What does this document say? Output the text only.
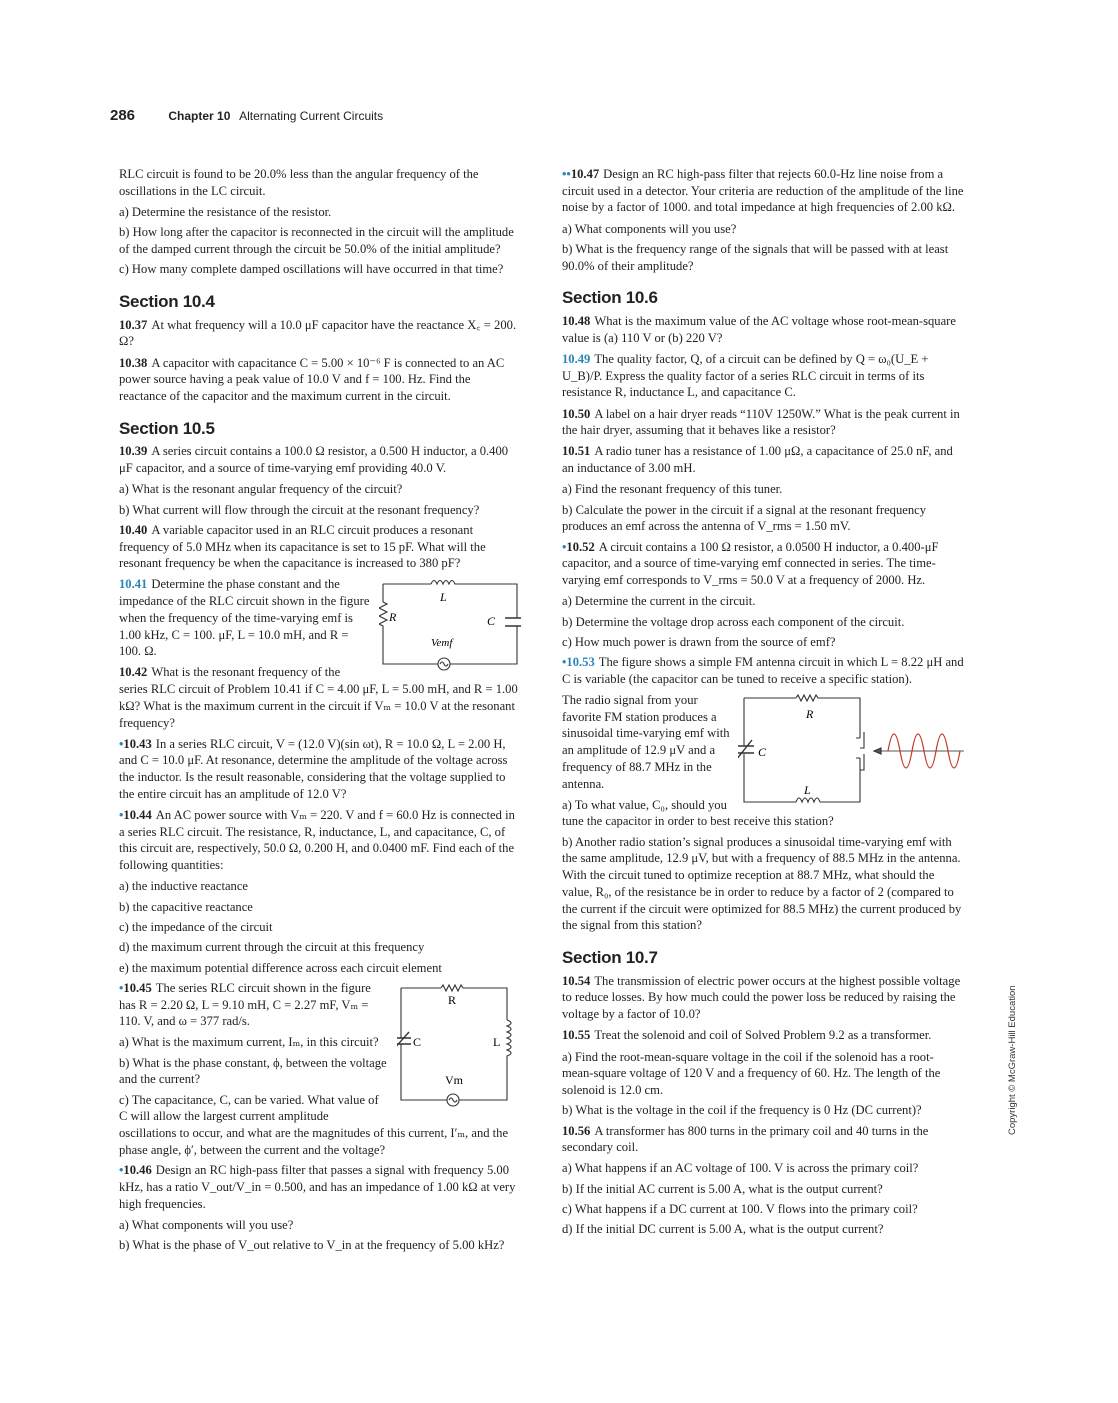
286	Chapter 10 Alternating Current Circuits
RLC circuit is found to be 20.0% less than the angular frequency of the oscillations in the LC circuit.
a) Determine the resistance of the resistor.
b) How long after the capacitor is reconnected in the circuit will the amplitude of the damped current through the circuit be 50.0% of the initial amplitude?
c) How many complete damped oscillations will have occurred in that time?
Section 10.4
10.37 At what frequency will a 10.0 μF capacitor have the reactance X꜀ = 200. Ω?
10.38 A capacitor with capacitance C = 5.00 × 10⁻⁶ F is connected to an AC power source having a peak value of 10.0 V and f = 100. Hz. Find the reactance of the capacitor and the maximum current in the circuit.
Section 10.5
10.39 A series circuit contains a 100.0 Ω resistor, a 0.500 H inductor, a 0.400 μF capacitor, and a source of time-varying emf providing 40.0 V.
a) What is the resonant angular frequency of the circuit?
b) What current will flow through the circuit at the resonant frequency?
10.40 A variable capacitor used in an RLC circuit produces a resonant frequency of 5.0 MHz when its capacitance is set to 15 pF. What will the resonant frequency be when the capacitance is increased to 380 pF?
L
R	C
Vemf
10.41 Determine the phase constant and the impedance of the RLC circuit shown in the figure when the frequency of the time-varying emf is 1.00 kHz, C = 100. μF, L = 10.0 mH, and R = 100. Ω.
10.42 What is the resonant frequency of the series RLC circuit of Problem 10.41 if C = 4.00 μF, L = 5.00 mH, and R = 1.00 kΩ? What is the maximum current in the circuit if Vₘ = 10.0 V at the resonant frequency?
•10.43 In a series RLC circuit, V = (12.0 V)(sin ωt), R = 10.0 Ω, L = 2.00 H, and C = 10.0 μF. At resonance, determine the amplitude of the voltage across the inductor. Is the result reasonable, considering that the voltage supplied to the entire circuit has an amplitude of 12.0 V?
•10.44 An AC power source with Vₘ = 220. V and f = 60.0 Hz is connected in a series RLC circuit. The resistance, R, inductance, L, and capacitance, C, of this circuit are, respectively, 50.0 Ω, 0.200 H, and 0.0400 mF. Find each of the following quantities:
a) the inductive reactance
b) the capacitive reactance
c) the impedance of the circuit
d) the maximum current through the circuit at this frequency
e) the maximum potential difference across each circuit element
R
C	L
Vm
•10.45 The series RLC circuit shown in the figure has R = 2.20 Ω, L = 9.10 mH, C = 2.27 mF, Vₘ = 110. V, and ω = 377 rad/s.
a) What is the maximum current, Iₘ, in this circuit?
b) What is the phase constant, ϕ, between the voltage and the current?
c) The capacitance, C, can be varied. What value of C will allow the largest current amplitude oscillations to occur, and what are the magnitudes of this current, I′ₘ, and the phase angle, ϕ′, between the current and the voltage?
•10.46 Design an RC high-pass filter that passes a signal with frequency 5.00 kHz, has a ratio V_out/V_in = 0.500, and has an impedance of 1.00 kΩ at very high frequencies.
a) What components will you use?
b) What is the phase of V_out relative to V_in at the frequency of 5.00 kHz?
••10.47 Design an RC high-pass filter that rejects 60.0-Hz line noise from a circuit used in a detector. Your criteria are reduction of the amplitude of the line noise by a factor of 1000. and total impedance at high frequencies of 2.00 kΩ.
a) What components will you use?
b) What is the frequency range of the signals that will be passed with at least 90.0% of their amplitude?
Section 10.6
10.48 What is the maximum value of the AC voltage whose root-mean-square value is (a) 110 V or (b) 220 V?
10.49 The quality factor, Q, of a circuit can be defined by Q = ω₀(U_E + U_B)/P. Express the quality factor of a series RLC circuit in terms of its resistance R, inductance L, and capacitance C.
10.50 A label on a hair dryer reads “110V 1250W.” What is the peak current in the hair dryer, assuming that it behaves like a resistor?
10.51 A radio tuner has a resistance of 1.00 μΩ, a capacitance of 25.0 nF, and an inductance of 3.00 mH.
a) Find the resonant frequency of this tuner.
b) Calculate the power in the circuit if a signal at the resonant frequency produces an emf across the antenna of V_rms = 1.50 mV.
•10.52 A circuit contains a 100 Ω resistor, a 0.0500 H inductor, a 0.400-μF capacitor, and a source of time-varying emf connected in series. The time-varying emf corresponds to V_rms = 50.0 V at a frequency of 2000. Hz.
a) Determine the current in the circuit.
b) Determine the voltage drop across each component of the circuit.
c) How much power is drawn from the source of emf?
•10.53 The figure shows a simple FM antenna circuit in which L = 8.22 μH and C is variable (the capacitor can be tuned to receive a specific station).
R
C
L
The radio signal from your favorite FM station produces a sinusoidal time-varying emf with an amplitude of 12.9 μV and a frequency of 88.7 MHz in the antenna.
a) To what value, C₀, should you tune the capacitor in order to best receive this station?
b) Another radio station’s signal produces a sinusoidal time-varying emf with the same amplitude, 12.9 μV, but with a frequency of 88.5 MHz in the antenna. With the circuit tuned to optimize reception at 88.7 MHz, what should the value, R₀, of the resistance be in order to reduce by a factor of 2 (compared to the current if the circuit were optimized for 88.5 MHz) the current produced by the signal from this station?
Section 10.7
10.54 The transmission of electric power occurs at the highest possible voltage to reduce losses. By how much could the power loss be reduced by raising the voltage by a factor of 10.0?
10.55 Treat the solenoid and coil of Solved Problem 9.2 as a transformer.
a) Find the root-mean-square voltage in the coil if the solenoid has a root-mean-square voltage of 120 V and a frequency of 60. Hz. The length of the solenoid is 12.0 cm.
b) What is the voltage in the coil if the frequency is 0 Hz (DC current)?
10.56 A transformer has 800 turns in the primary coil and 40 turns in the secondary coil.
a) What happens if an AC voltage of 100. V is across the primary coil?
b) If the initial AC current is 5.00 A, what is the output current?
c) What happens if a DC current at 100. V flows into the primary coil?
d) If the initial DC current is 5.00 A, what is the output current?
Copyright © McGraw-Hill Education
